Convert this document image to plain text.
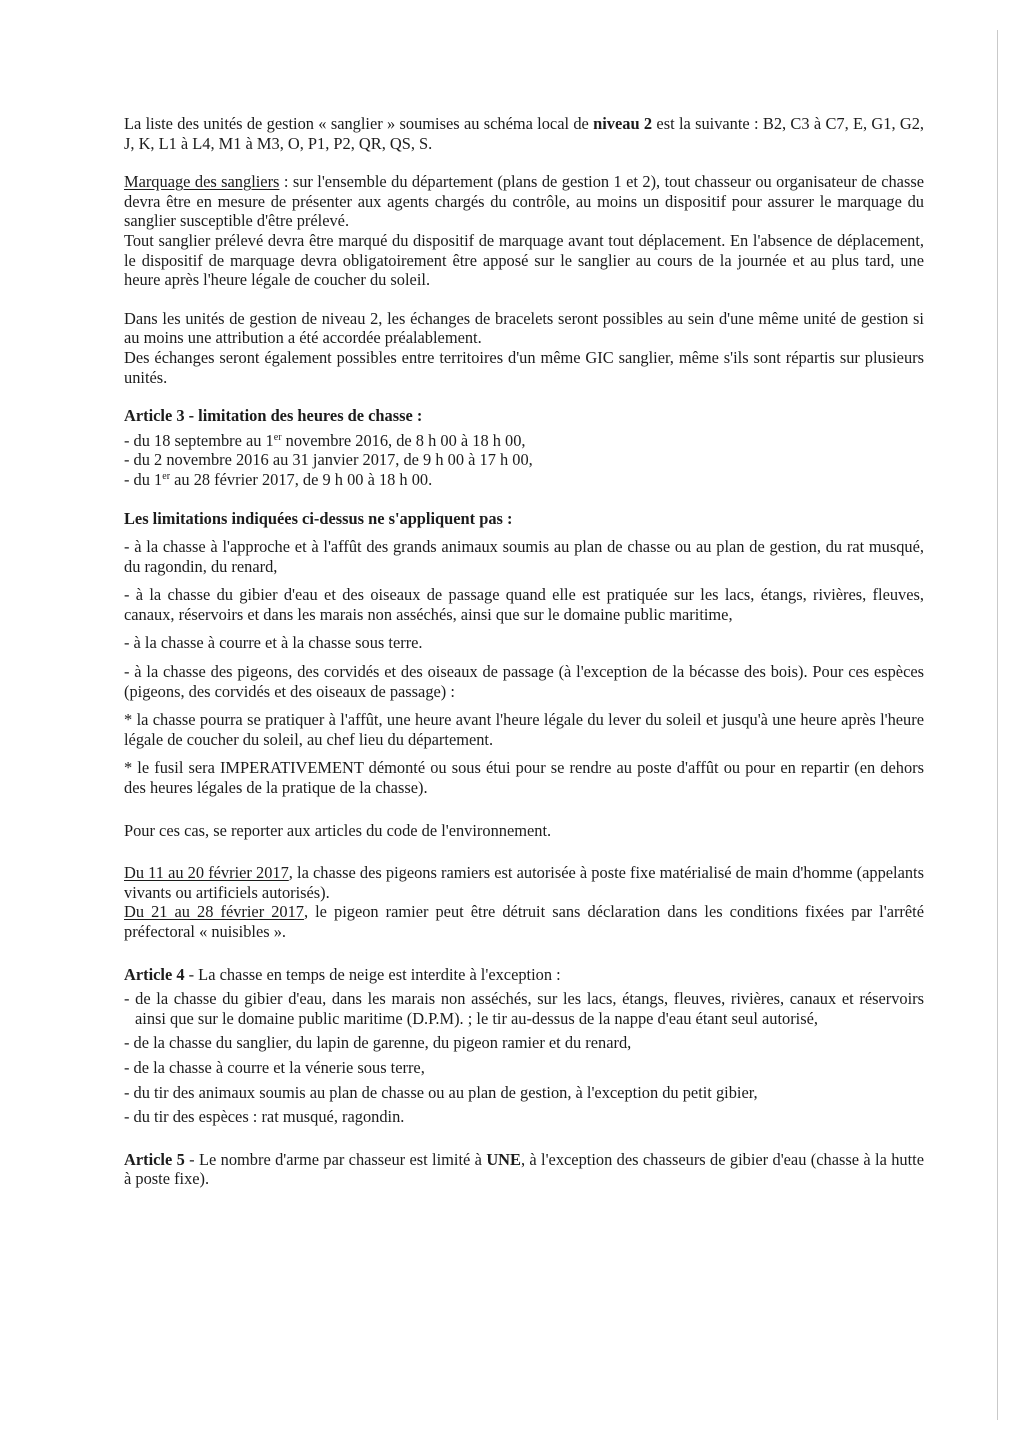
La liste des unités de gestion « sanglier » soumises au schéma local de niveau 2 est la suivante : B2, C3 à C7, E, G1, G2, J, K, L1 à L4, M1 à M3, O, P1, P2, QR, QS, S.

Marquage des sangliers : sur l'ensemble du département (plans de gestion 1 et 2), tout chasseur ou organisateur de chasse devra être en mesure de présenter aux agents chargés du contrôle, au moins un dispositif pour assurer le marquage du sanglier susceptible d'être prélevé.

Tout sanglier prélevé devra être marqué du dispositif de marquage avant tout déplacement. En l'absence de déplacement, le dispositif de marquage devra obligatoirement être apposé sur le sanglier au cours de la journée et au plus tard, une heure après l'heure légale de coucher du soleil.

Dans les unités de gestion de niveau 2, les échanges de bracelets seront possibles au sein d'une même unité de gestion si au moins une attribution a été accordée préalablement.

Des échanges seront également possibles entre territoires d'un même GIC sanglier, même s'ils sont répartis sur plusieurs unités.

Article 3 - limitation des heures de chasse :

- du 18 septembre au 1er novembre 2016, de 8 h 00 à 18 h 00,

- du 2 novembre 2016 au 31 janvier 2017, de 9 h 00 à 17 h 00,

- du 1er au 28 février 2017, de 9 h 00 à 18 h 00.

Les limitations indiquées ci-dessus ne s'appliquent pas :

- à la chasse à l'approche et à l'affût des grands animaux soumis au plan de chasse ou au plan de gestion, du rat musqué, du ragondin, du renard,

- à la chasse du gibier d'eau et des oiseaux de passage quand elle est pratiquée sur les lacs, étangs, rivières, fleuves, canaux, réservoirs et dans les marais non asséchés, ainsi que sur le domaine public maritime,

- à la chasse à courre et à la chasse sous terre.

- à la chasse des pigeons, des corvidés et des oiseaux de passage (à l'exception de la bécasse des bois). Pour ces espèces (pigeons, des corvidés et des oiseaux de passage) :

* la chasse pourra se pratiquer à l'affût, une heure avant l'heure légale du lever du soleil et jusqu'à une heure après l'heure légale de coucher du soleil, au chef lieu du département.

* le fusil sera IMPERATIVEMENT démonté ou sous étui pour se rendre au poste d'affût ou pour en repartir (en dehors des heures légales de la pratique de la chasse).

Pour ces cas, se reporter aux articles du code de l'environnement.

Du 11 au 20 février 2017, la chasse des pigeons ramiers est autorisée à poste fixe matérialisé de main d'homme (appelants vivants ou artificiels autorisés).

Du 21 au 28 février 2017, le pigeon ramier peut être détruit sans déclaration dans les conditions fixées par l'arrêté préfectoral « nuisibles ».

Article 4 - La chasse en temps de neige est interdite à l'exception :

- de la chasse du gibier d'eau, dans les marais non asséchés, sur les lacs, étangs, fleuves, rivières, canaux et réservoirs ainsi que sur le domaine public maritime (D.P.M). ; le tir au-dessus de la nappe d'eau étant seul autorisé,

- de la chasse du sanglier, du lapin de garenne, du pigeon ramier et du renard,

- de la chasse à courre et la vénerie sous terre,

- du tir des animaux soumis au plan de chasse ou au plan de gestion, à l'exception du petit gibier,

- du tir des espèces : rat musqué, ragondin.

Article 5 - Le nombre d'arme par chasseur est limité à UNE, à l'exception des chasseurs de gibier d'eau (chasse à la hutte à poste fixe).
